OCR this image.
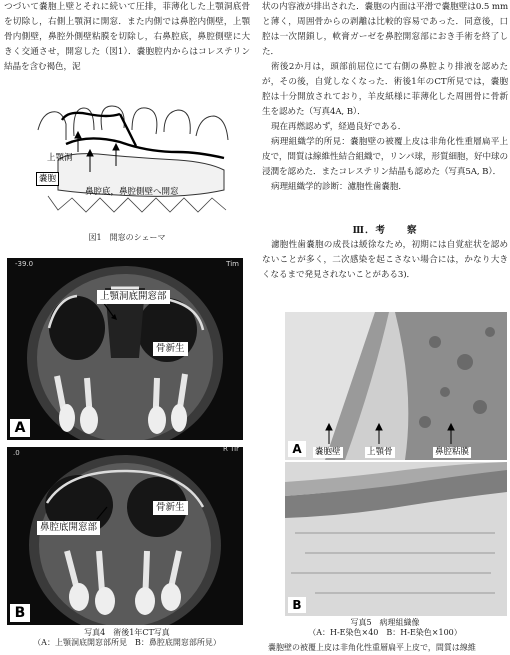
つづいて嚢胞上壁とそれに続いて圧排，菲薄化した上顎洞底骨を切除し，右側上顎洞に開窓．また内側では鼻腔内側壁，上顎骨内側壁，鼻腔外側壁粘膜を切除し，右鼻腔底，鼻腔側壁に大きく交通させ，開窓した（図1）．嚢胞腔内からはコレステリン結晶を含む褐色，泥

上顎洞
嚢胞
鼻腔底，鼻腔側壁へ開窓
図1　開窓のシェーマ
-39.0	Tim
上顎洞底開窓部
骨新生
A
.0	R Tir
骨新生
鼻腔底開窓部
B
写真4　術後1年CT写真
（A：上顎洞底開窓部所見　B：鼻腔底開窓部所見）

状の内容液が排出された．嚢胞の内面は平滑で嚢胞壁は0.5 mmと薄く，周囲骨からの剥離は比較的容易であった．同意後，口腔は一次閉鎖し，軟膏ガーゼを鼻腔開窓部におき手術を終了した．

術後2か月は，頭部前屈位にて右側の鼻腔より排液を認めたが，その後，自覚しなくなった．術後1年のCT所見では，嚢胞腔は十分開放されており，羊皮紙様に菲薄化した周囲骨に骨新生を認めた（写真4A, B）．

現在再燃認めず，経過良好である．

病理組織学的所見：嚢胞壁の被覆上皮は非角化性重層扁平上皮で，間質は線維性結合組織で，リンパ球，形質細胞，好中球の浸潤を認めた．またコレステリン結晶も認めた（写真5A, B）．

病理組織学的診断：濾胞性歯嚢胞．

Ⅲ．考　　察

濾胞性歯嚢胞の成長は緩徐なため，初期には自覚症状を認めないことが多く，二次感染を起こさない場合には，かなり大きくなるまで発見されないことがある3)．

A	嚢胞壁	上顎骨	鼻腔粘膜
B
写真5　病理組織像
（A：H-E染色×40　B：H-E染色×100）
嚢胞壁の被覆上皮は非角化性重層扁平上皮で，間質は線維
